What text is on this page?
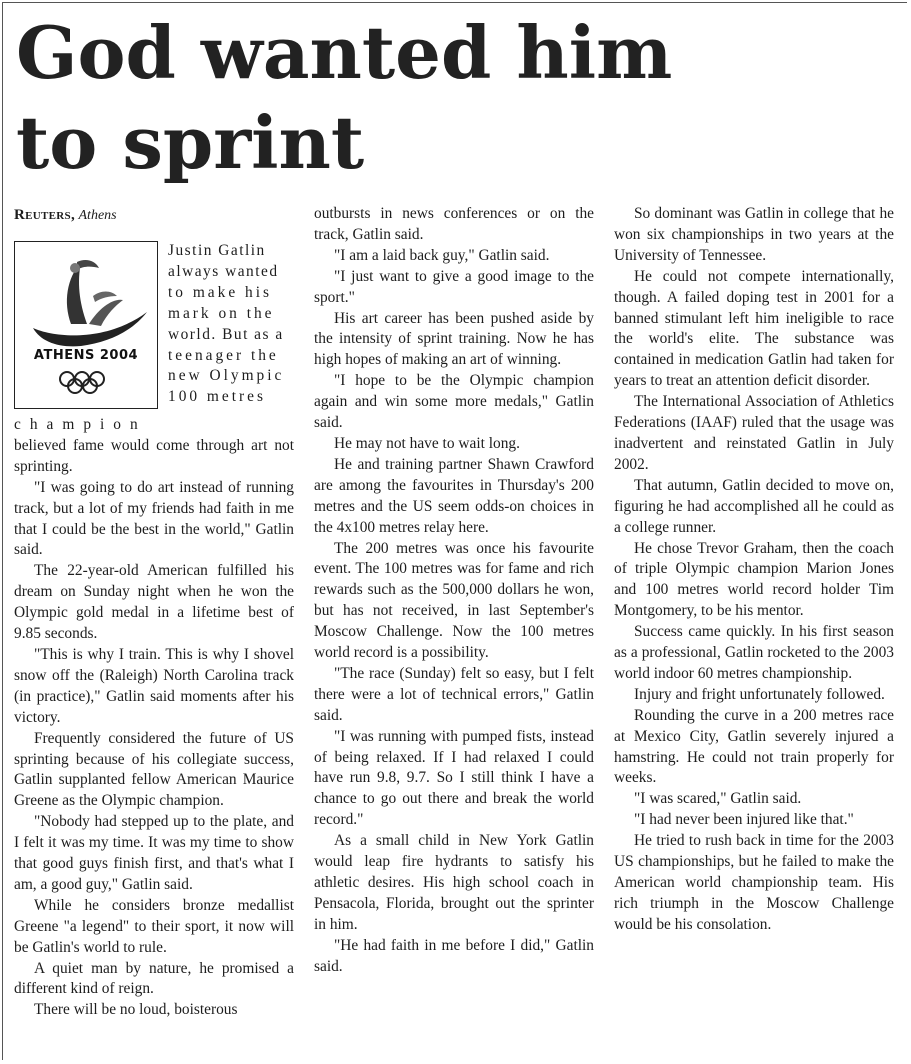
God wanted him
to sprint
Reuters, Athens
ATHENS 2004

Justin Gatlin

always wanted

to make his

mark on the

world. But as a

teenager the

new Olympic

100 metres

champion

believed fame would come through art not sprinting.

"I was going to do art instead of running track, but a lot of my friends had faith in me that I could be the best in the world," Gatlin said.

The 22-year-old American fulfilled his dream on Sunday night when he won the Olympic gold medal in a lifetime best of 9.85 seconds.

"This is why I train. This is why I shovel snow off the (Raleigh) North Carolina track (in practice)," Gatlin said moments after his victory.

Frequently considered the future of US sprinting because of his collegiate success, Gatlin supplanted fellow American Maurice Greene as the Olympic champion.

"Nobody had stepped up to the plate, and I felt it was my time. It was my time to show that good guys finish first, and that's what I am, a good guy," Gatlin said.

While he considers bronze medallist Greene "a legend" to their sport, it now will be Gatlin's world to rule.

A quiet man by nature, he promised a different kind of reign.

There will be no loud, boisterous

outbursts in news conferences or on the track, Gatlin said.

"I am a laid back guy," Gatlin said.

"I just want to give a good image to the sport."

His art career has been pushed aside by the intensity of sprint training. Now he has high hopes of making an art of winning.

"I hope to be the Olympic champion again and win some more medals," Gatlin said.

He may not have to wait long.

He and training partner Shawn Crawford are among the favourites in Thursday's 200 metres and the US seem odds-on choices in the 4x100 metres relay here.

The 200 metres was once his favourite event. The 100 metres was for fame and rich rewards such as the 500,000 dollars he won, but has not received, in last September's Moscow Challenge. Now the 100 metres world record is a possibility.

"The race (Sunday) felt so easy, but I felt there were a lot of technical errors," Gatlin said.

"I was running with pumped fists, instead of being relaxed. If I had relaxed I could have run 9.8, 9.7. So I still think I have a chance to go out there and break the world record."

As a small child in New York Gatlin would leap fire hydrants to satisfy his athletic desires. His high school coach in Pensacola, Florida, brought out the sprinter in him.

"He had faith in me before I did," Gatlin said.

So dominant was Gatlin in college that he won six championships in two years at the University of Tennessee.

He could not compete internationally, though. A failed doping test in 2001 for a banned stimulant left him ineligible to race the world's elite. The substance was contained in medication Gatlin had taken for years to treat an attention deficit disorder.

The International Association of Athletics Federations (IAAF) ruled that the usage was inadvertent and reinstated Gatlin in July 2002.

That autumn, Gatlin decided to move on, figuring he had accomplished all he could as a college runner.

He chose Trevor Graham, then the coach of triple Olympic champion Marion Jones and 100 metres world record holder Tim Montgomery, to be his mentor.

Success came quickly. In his first season as a professional, Gatlin rocketed to the 2003 world indoor 60 metres championship.

Injury and fright unfortunately followed.

Rounding the curve in a 200 metres race at Mexico City, Gatlin severely injured a hamstring. He could not train properly for weeks.

"I was scared," Gatlin said.

"I had never been injured like that."

He tried to rush back in time for the 2003 US championships, but he failed to make the American world championship team. His rich triumph in the Moscow Challenge would be his consolation.
